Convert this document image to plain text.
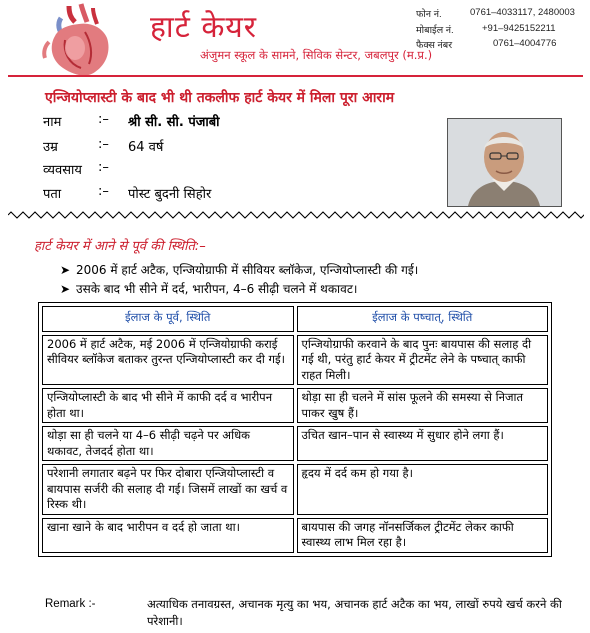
हार्ट केयर
अंजुमन स्कूल के सामने, सिविक सेन्टर, जबलपुर (म.प्र.)
फोन नं.	0761–4033117, 2480003
मोबाईल नं.	+91–9425152211
फैक्स नंबर	0761–4004776
एन्जियोप्लास्टी के बाद भी थी तकलीफ हार्ट केयर में मिला पूरा आराम
नाम	:– श्री सी. सी. पंजाबी
उम्र	:– 64 वर्ष
व्यवसाय :–
पता	:– पोस्ट बुदनी सिहोर
हार्ट केयर में आने से पूर्व की स्थिति:–
➤ 2006 में हार्ट अटैक, एन्जियोग्राफी में सीवियर ब्लॉकेज, एन्जियोप्लास्टी की गई।
➤ उसके बाद भी सीने में दर्द, भारीपन, 4–6 सीढ़ी चलने में थकावट।
ईलाज के पूर्व, स्थिति	ईलाज के पष्चात्, स्थिति
2006 में हार्ट अटैक, मई 2006 में एन्जियोग्राफी कराई सीवियर ब्लॉकेज बताकर तुरन्त एन्जियोप्लास्टी कर दी गई।	एन्जियोग्राफी करवाने के बाद पुनः बायपास की सलाह दी गई थी, परंतु हार्ट केयर में ट्रीटमेंट लेने के पष्चात् काफी राहत मिली।
एन्जियोप्लास्टी के बाद भी सीने में काफी दर्द व भारीपन होता था।	थोड़ा सा ही चलने में सांस फूलने की समस्या से निजात पाकर खुष हैं।
थोड़ा सा ही चलने या 4–6 सीढ़ी चढ़ने पर अधिक थकावट, तेजदर्द होता था।	उचित खान–पान से स्वास्थ्य में सुधार होने लगा हैं।
परेशानी लगातार बढ़ने पर फिर दोबारा एन्जियोप्लास्टी व बायपास सर्जरी की सलाह दी गई। जिसमें लाखों का खर्च व रिस्क थी।	हृदय में दर्द कम हो गया है।
खाना खाने के बाद भारीपन व दर्द हो जाता था।	बायपास की जगह नॉनसर्जिकल ट्रीटमेंट लेकर काफी स्वास्थ्य लाभ मिल रहा है।
Remark :-	अत्याधिक तनावग्रस्त, अचानक मृत्यु का भय, अचानक हार्ट अटैक का भय, लाखों रुपये खर्च करने की परेशानी।
